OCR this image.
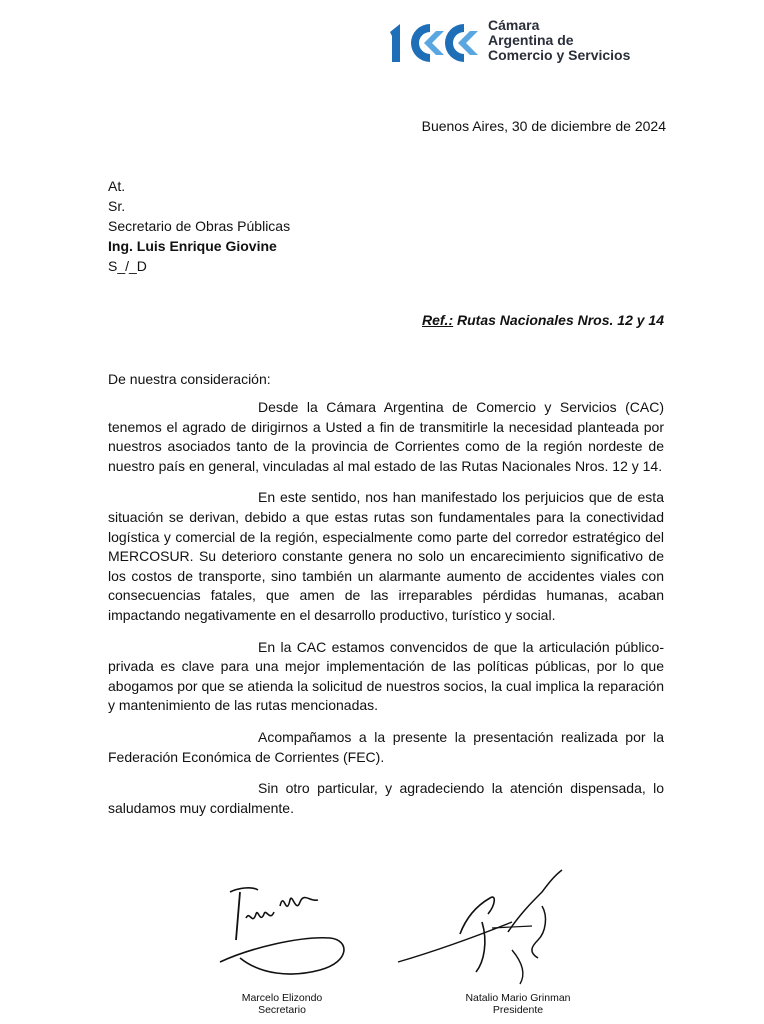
Cámara
Argentina de
Comercio y Servicios
Buenos Aires, 30 de diciembre de 2024
At.
Sr.
Secretario de Obras Públicas
Ing. Luis Enrique Giovine
S_/_D
Ref.: Rutas Nacionales Nros. 12 y 14
De nuestra consideración:

Desde la Cámara Argentina de Comercio y Servicios (CAC) tenemos el agrado de dirigirnos a Usted a fin de transmitirle la necesidad planteada por nuestros asociados tanto de la provincia de Corrientes como de la región nordeste de nuestro país en general, vinculadas al mal estado de las Rutas Nacionales Nros. 12 y 14.

En este sentido, nos han manifestado los perjuicios que de esta situación se derivan, debido a que estas rutas son fundamentales para la conectividad logística y comercial de la región, especialmente como parte del corredor estratégico del MERCOSUR. Su deterioro constante genera no solo un encarecimiento significativo de los costos de transporte, sino también un alarmante aumento de accidentes viales con consecuencias fatales, que amen de las irreparables pérdidas humanas, acaban impactando negativamente en el desarrollo productivo, turístico y social.

En la CAC estamos convencidos de que la articulación público-privada es clave para una mejor implementación de las políticas públicas, por lo que abogamos por que se atienda la solicitud de nuestros socios, la cual implica la reparación y mantenimiento de las rutas mencionadas.

Acompañamos a la presente la presentación realizada por la Federación Económica de Corrientes (FEC).

Sin otro particular, y agradeciendo la atención dispensada, lo saludamos muy cordialmente.

Marcelo Elizondo
Secretario
Natalio Mario Grinman
Presidente
